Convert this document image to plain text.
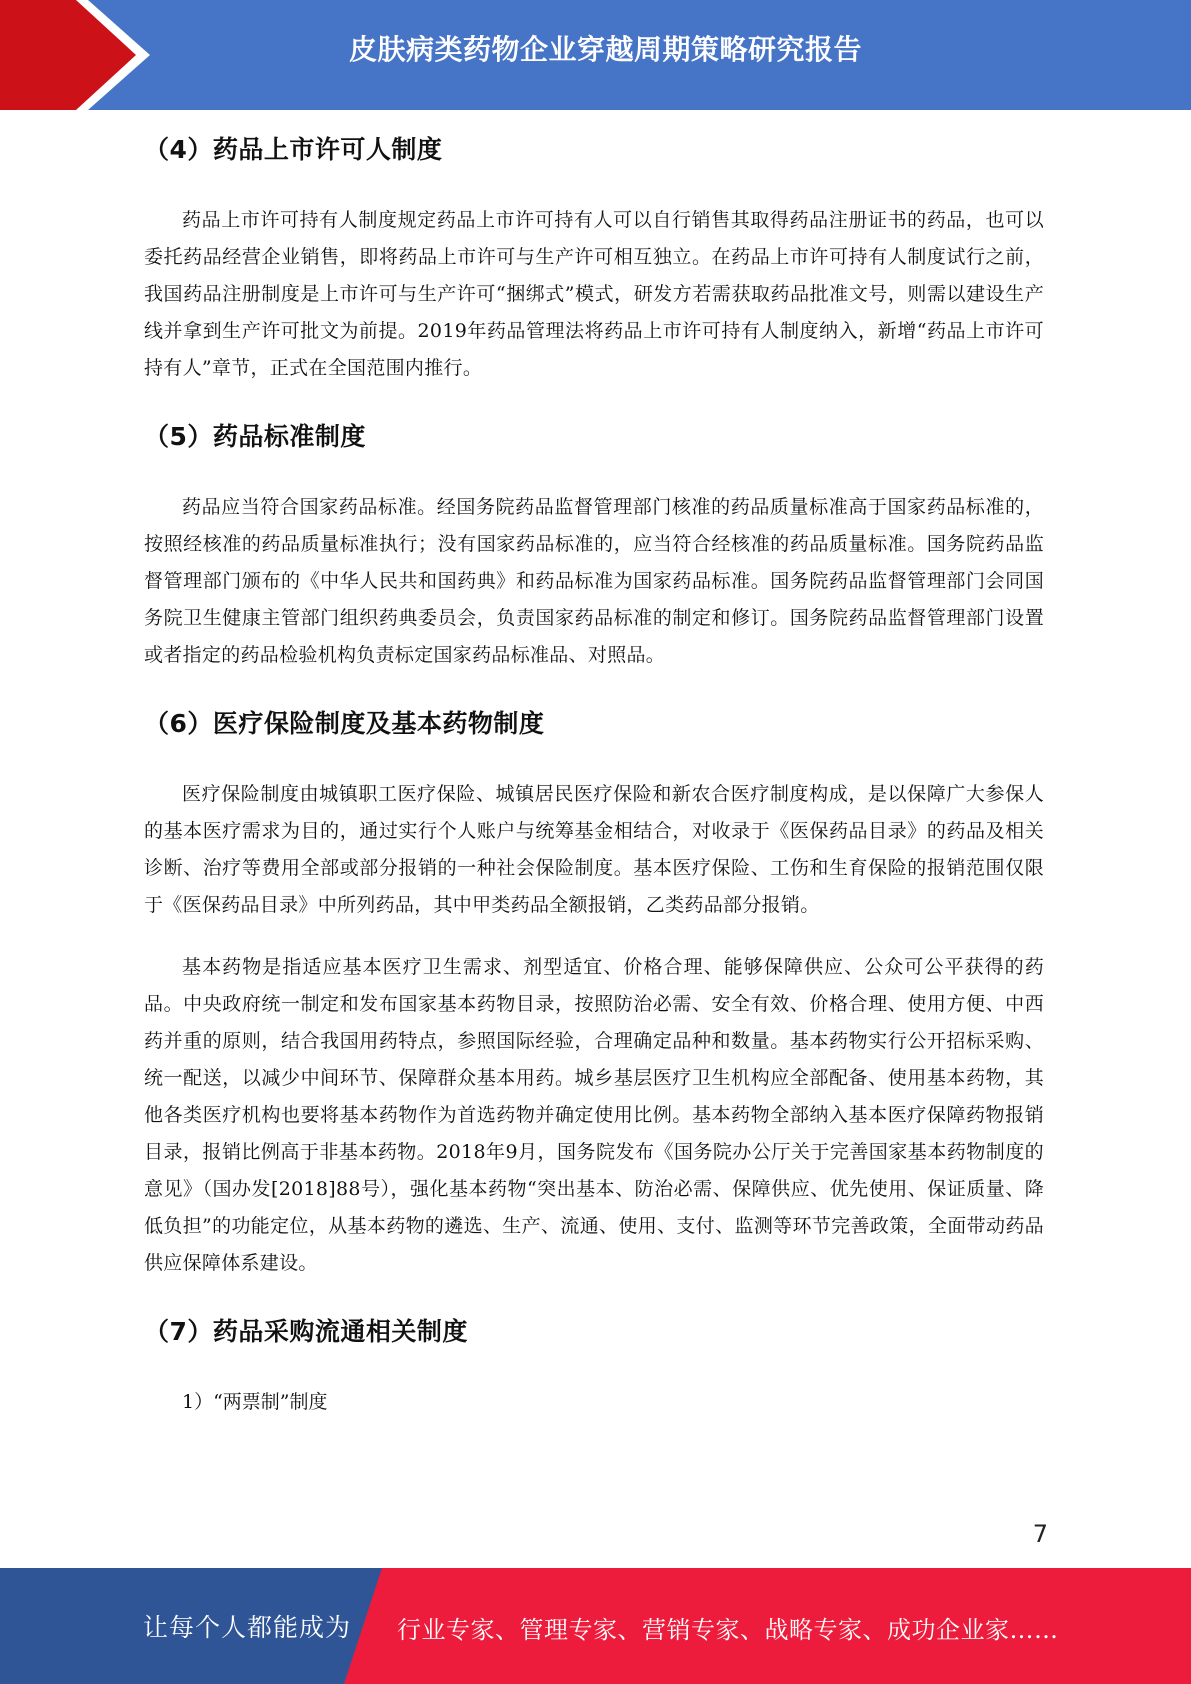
皮肤病类药物企业穿越周期策略研究报告
（4）药品上市许可人制度

药品上市许可持有人制度规定药品上市许可持有人可以自行销售其取得药品注册证书的药品，也可以委托药品经营企业销售，即将药品上市许可与生产许可相互独立。在药品上市许可持有人制度试行之前，我国药品注册制度是上市许可与生产许可“捆绑式”模式，研发方若需获取药品批准文号，则需以建设生产线并拿到生产许可批文为前提。2019年药品管理法将药品上市许可持有人制度纳入，新增“药品上市许可持有人”章节，正式在全国范围内推行。

（5）药品标准制度

药品应当符合国家药品标准。经国务院药品监督管理部门核准的药品质量标准高于国家药品标准的，按照经核准的药品质量标准执行；没有国家药品标准的，应当符合经核准的药品质量标准。国务院药品监督管理部门颁布的《中华人民共和国药典》和药品标准为国家药品标准。国务院药品监督管理部门会同国务院卫生健康主管部门组织药典委员会，负责国家药品标准的制定和修订。国务院药品监督管理部门设置或者指定的药品检验机构负责标定国家药品标准品、对照品。

（6）医疗保险制度及基本药物制度

医疗保险制度由城镇职工医疗保险、城镇居民医疗保险和新农合医疗制度构成，是以保障广大参保人的基本医疗需求为目的，通过实行个人账户与统筹基金相结合，对收录于《医保药品目录》的药品及相关诊断、治疗等费用全部或部分报销的一种社会保险制度。基本医疗保险、工伤和生育保险的报销范围仅限于《医保药品目录》中所列药品，其中甲类药品全额报销，乙类药品部分报销。

基本药物是指适应基本医疗卫生需求、剂型适宜、价格合理、能够保障供应、公众可公平获得的药品。中央政府统一制定和发布国家基本药物目录，按照防治必需、安全有效、价格合理、使用方便、中西药并重的原则，结合我国用药特点，参照国际经验，合理确定品种和数量。基本药物实行公开招标采购、统一配送，以减少中间环节、保障群众基本用药。城乡基层医疗卫生机构应全部配备、使用基本药物，其他各类医疗机构也要将基本药物作为首选药物并确定使用比例。基本药物全部纳入基本医疗保障药物报销目录，报销比例高于非基本药物。2018年9月，国务院发布《国务院办公厅关于完善国家基本药物制度的意见》（国办发[2018]88号），强化基本药物“突出基本、防治必需、保障供应、优先使用、保证质量、降低负担”的功能定位，从基本药物的遴选、生产、流通、使用、支付、监测等环节完善政策，全面带动药品供应保障体系建设。

（7）药品采购流通相关制度

1）“两票制”制度

7
让每个人都能成为 行业专家、管理专家、营销专家、战略专家、成功企业家……
